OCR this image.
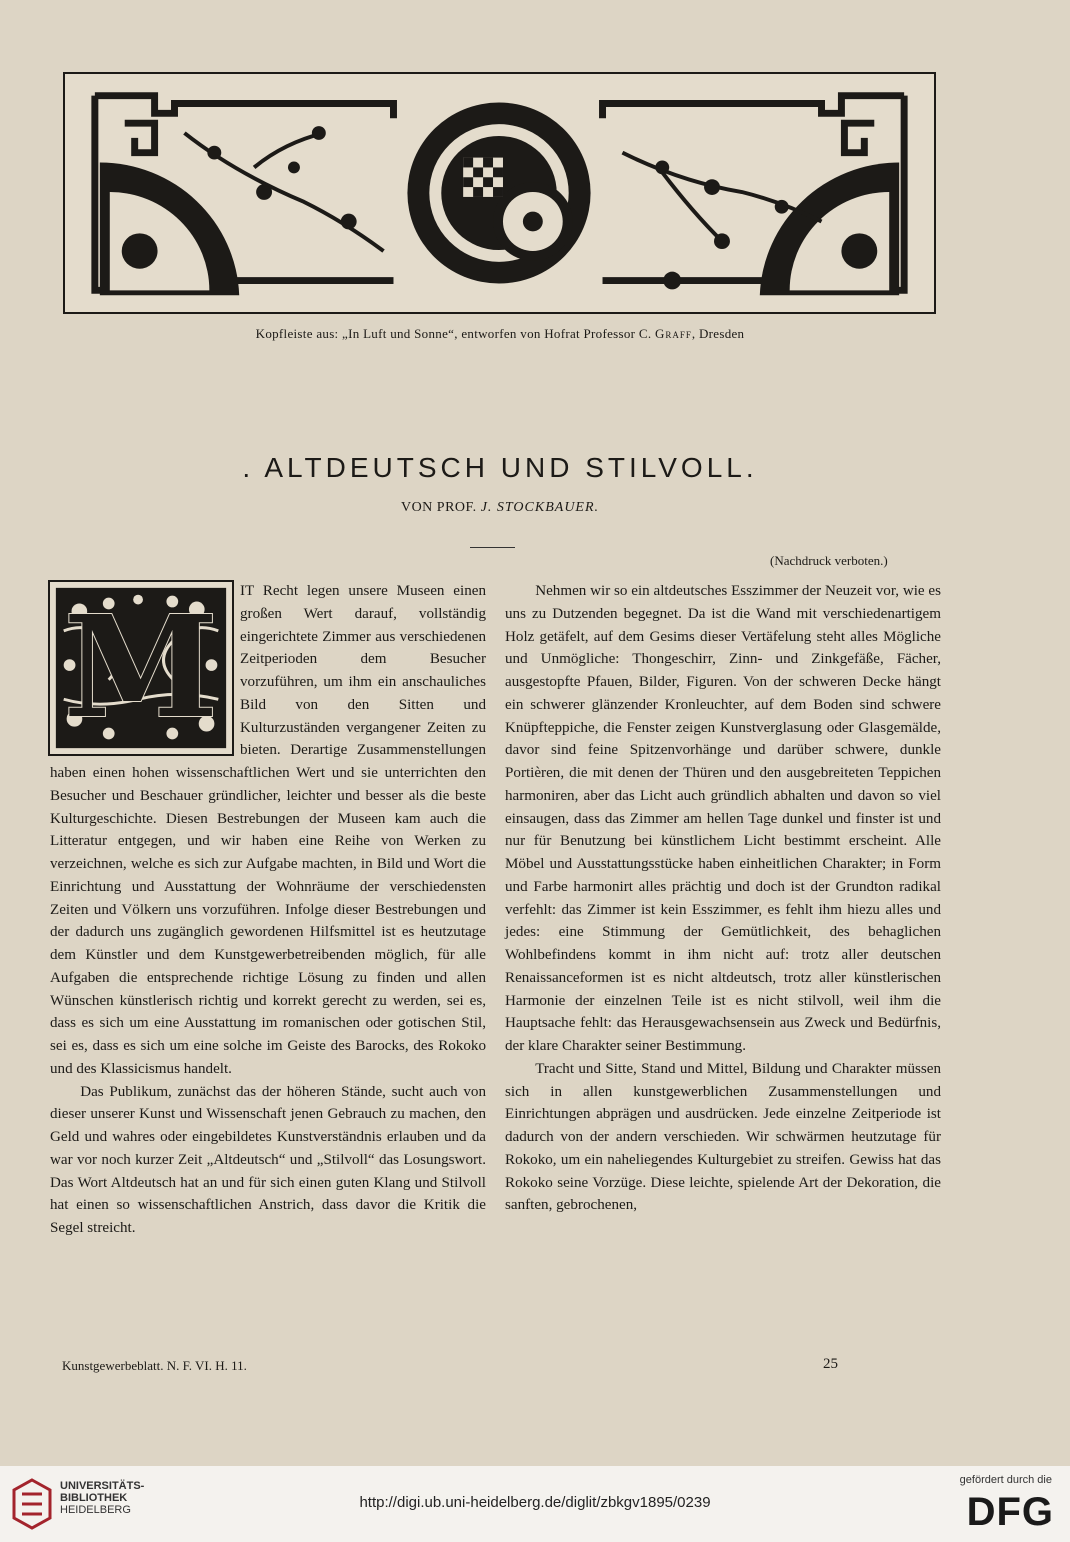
Kopfleiste aus: „In Luft und Sonne“, entworfen von Hofrat Professor C. Graff, Dresden
. ALTDEUTSCH UND STILVOLL.
VON PROF. J. STOCKBAUER.
(Nachdruck verboten.)
M	IT Recht legen unsere Museen einen großen Wert darauf, vollständig eingerichtete Zimmer aus verschiedenen Zeitperioden dem Besucher vorzuführen, um ihm ein anschauliches Bild von den Sitten und Kulturzuständen vergangener Zeiten zu bieten. Derartige Zusammenstellungen haben einen hohen wissenschaftlichen Wert und sie unterrichten den Besucher und Beschauer gründlicher, leichter und besser als die beste Kulturgeschichte. Diesen Bestrebungen der Museen kam auch die Litteratur entgegen, und wir haben eine Reihe von Werken zu verzeichnen, welche es sich zur Aufgabe machten, in Bild und Wort die Einrichtung und Ausstattung der Wohnräume der verschiedensten Zeiten und Völkern uns vorzuführen. Infolge dieser Bestrebungen und der dadurch uns zugänglich gewordenen Hilfsmittel ist es heutzutage dem Künstler und dem Kunstgewerbetreibenden möglich, für alle Aufgaben die entsprechende richtige Lösung zu finden und allen Wünschen künstlerisch richtig und korrekt gerecht zu werden, sei es, dass es sich um eine Ausstattung im romanischen oder gotischen Stil, sei es, dass es sich um eine solche im Geiste des Barocks, des Rokoko und des Klassicismus handelt.

Das Publikum, zunächst das der höheren Stände, sucht auch von dieser unserer Kunst und Wissenschaft jenen Gebrauch zu machen, den Geld und wahres oder eingebildetes Kunstverständnis erlauben und da war vor noch kurzer Zeit „Altdeutsch“ und „Stilvoll“ das Losungswort. Das Wort Altdeutsch hat an und für sich einen guten Klang und Stilvoll hat einen so wissenschaftlichen Anstrich, dass davor die Kritik die Segel streicht.

Nehmen wir so ein altdeutsches Esszimmer der Neuzeit vor, wie es uns zu Dutzenden begegnet. Da ist die Wand mit verschiedenartigem Holz getäfelt, auf dem Gesims dieser Vertäfelung steht alles Mögliche und Unmögliche: Thongeschirr, Zinn- und Zinkgefäße, Fächer, ausgestopfte Pfauen, Bilder, Figuren. Von der schweren Decke hängt ein schwerer glänzender Kronleuchter, auf dem Boden sind schwere Knüpfteppiche, die Fenster zeigen Kunstverglasung oder Glasgemälde, davor sind feine Spitzenvorhänge und darüber schwere, dunkle Portièren, die mit denen der Thüren und den ausgebreiteten Teppichen harmoniren, aber das Licht auch gründlich abhalten und davon so viel einsaugen, dass das Zimmer am hellen Tage dunkel und finster ist und nur für Benutzung bei künstlichem Licht bestimmt erscheint. Alle Möbel und Ausstattungsstücke haben einheitlichen Charakter; in Form und Farbe harmonirt alles prächtig und doch ist der Grundton radikal verfehlt: das Zimmer ist kein Esszimmer, es fehlt ihm hiezu alles und jedes: eine Stimmung der Gemütlichkeit, des behaglichen Wohlbefindens kommt in ihm nicht auf: trotz aller deutschen Renaissanceformen ist es nicht altdeutsch, trotz aller künstlerischen Harmonie der einzelnen Teile ist es nicht stilvoll, weil ihm die Hauptsache fehlt: das Herausgewachsensein aus Zweck und Bedürfnis, der klare Charakter seiner Bestimmung.

Tracht und Sitte, Stand und Mittel, Bildung und Charakter müssen sich in allen kunstgewerblichen Zusammenstellungen und Einrichtungen abprägen und ausdrücken. Jede einzelne Zeitperiode ist dadurch von der andern verschieden. Wir schwärmen heutzutage für Rokoko, um ein naheliegendes Kulturgebiet zu streifen. Gewiss hat das Rokoko seine Vorzüge. Diese leichte, spielende Art der Dekoration, die sanften, gebrochenen,

Kunstgewerbeblatt. N. F. VI. H. 11.	25
UNIVERSITÄTS-
BIBLIOTHEK
HEIDELBERG	http://digi.ub.uni-heidelberg.de/diglit/zbkgv1895/0239
gefördert durch die
DFG
